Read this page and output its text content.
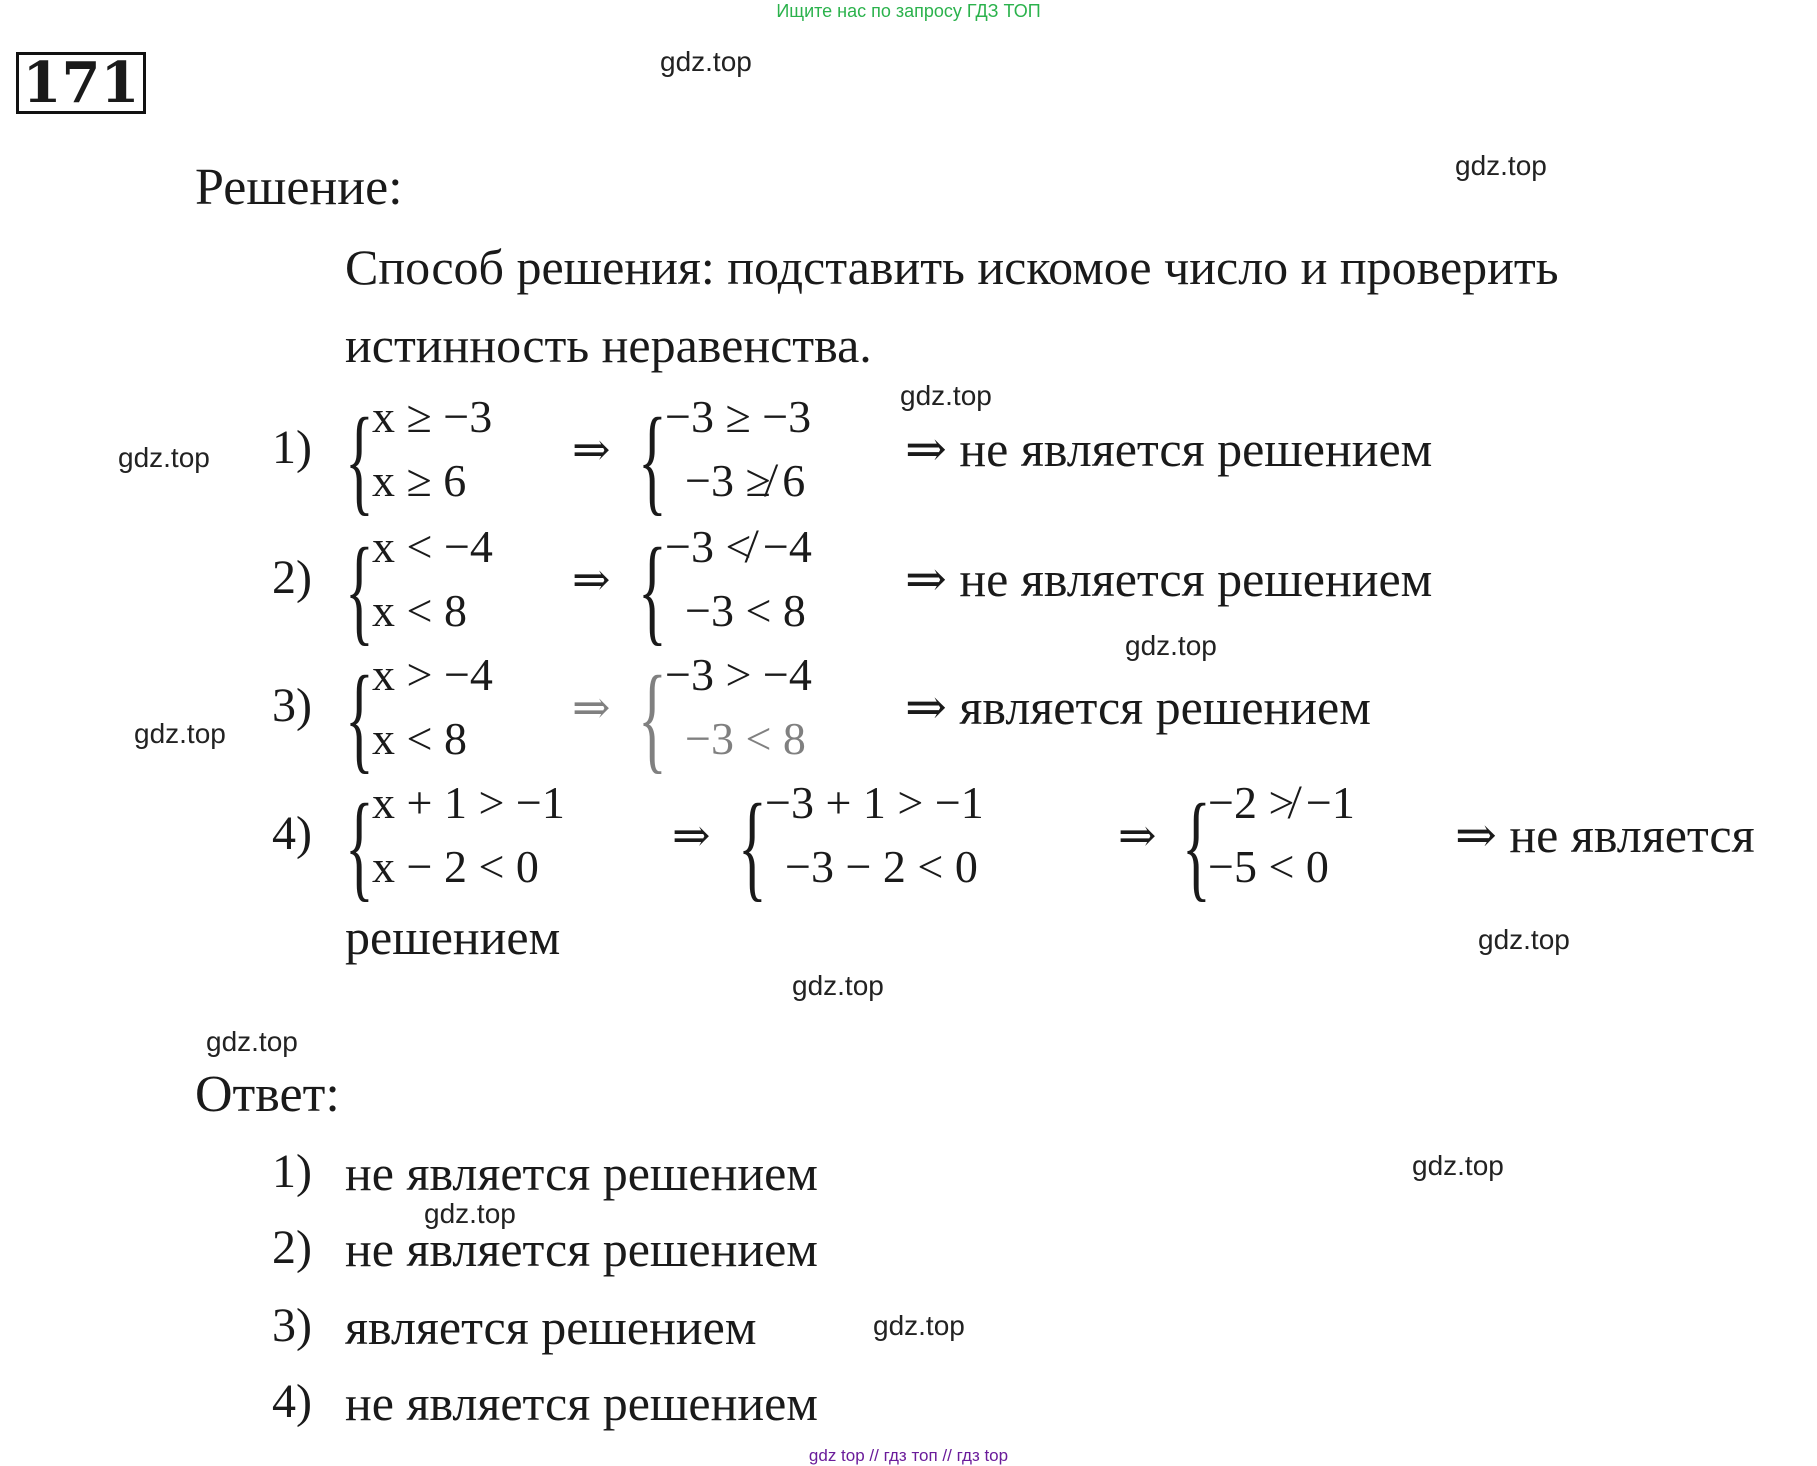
Ищите нас по запросу ГДЗ ТОП
171	gdz.top
gdz.top
gdz.top
gdz.top
gdz.top
gdz.top
gdz.top
gdz.top
gdz.top
gdz.top
gdz.top
gdz.top
Решение:
Способ решения: подставить искомое число и проверить
истинность неравенства.
1) {
x ≥ −3
x ≥ 6
⇒ {
−3 ≥ −3
−3 ≱ 6
⇒ не является решением
2) {
x < −4
x < 8
⇒ {
−3 ≮ −4
−3 < 8
⇒ не является решением
3) {
x > −4
x < 8
⇒ {
−3 > −4
−3 < 8
⇒ является решением
4) {
x + 1 > −1
x − 2 < 0
⇒ {
−3 + 1 > −1
−3 − 2 < 0
⇒ {
−2 ≯ −1
−5 < 0
⇒ не является
решением
Ответ:
1) не является решением
2) не является решением
3) является решением
4) не является решением
gdz top // гдз топ // гдз top
